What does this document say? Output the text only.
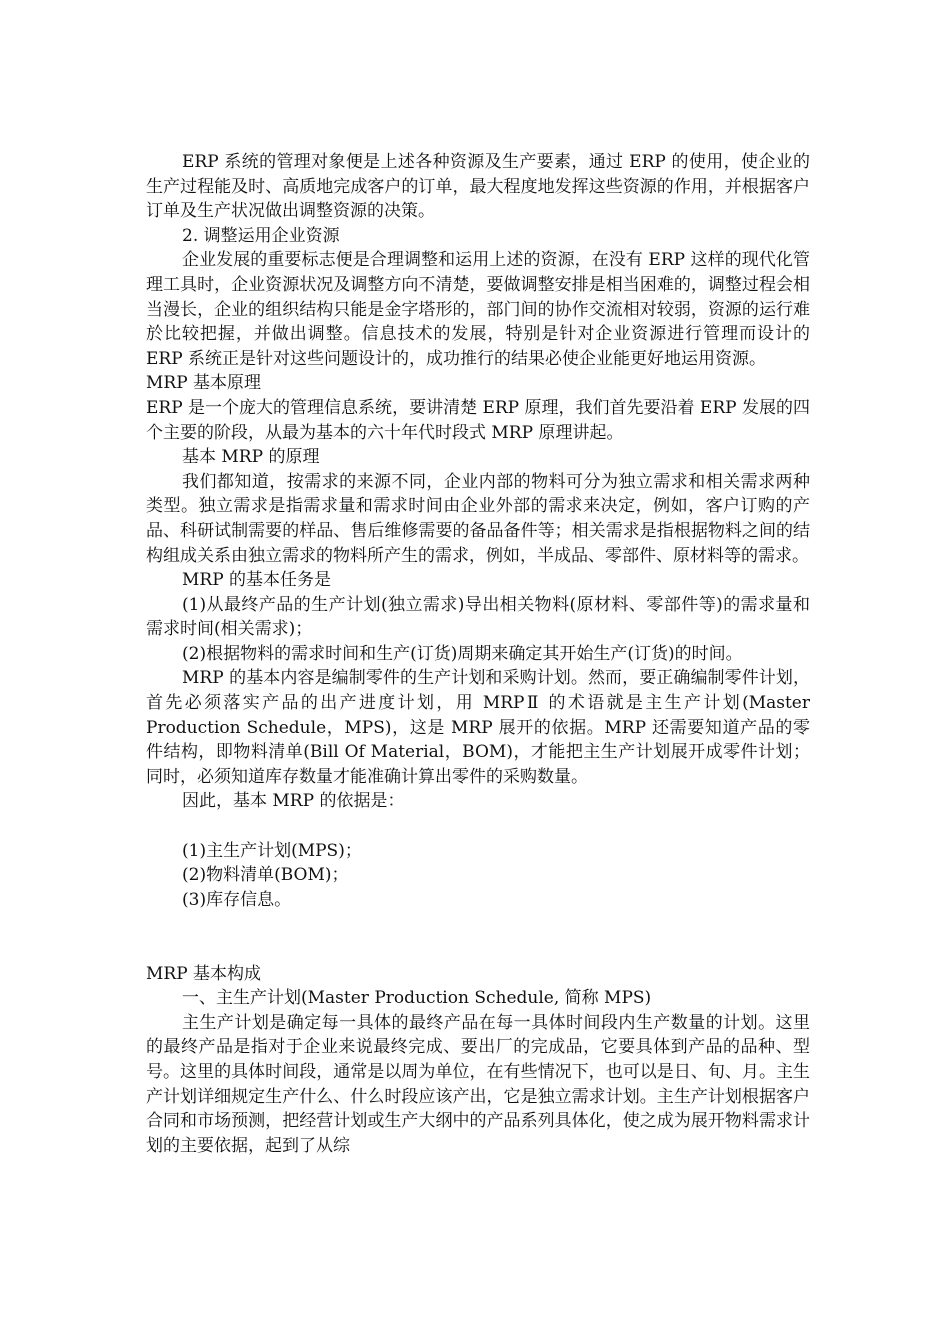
ERP 系统的管理对象便是上述各种资源及生产要素，通过 ERP 的使用，使企业的生产过程能及时、高质地完成客户的订单，最大程度地发挥这些资源的作用，并根据客户订单及生产状况做出调整资源的决策。

2. 调整运用企业资源

企业发展的重要标志便是合理调整和运用上述的资源，在没有 ERP 这样的现代化管理工具时，企业资源状况及调整方向不清楚，要做调整安排是相当困难的，调整过程会相当漫长，企业的组织结构只能是金字塔形的，部门间的协作交流相对较弱，资源的运行难於比较把握，并做出调整。信息技术的发展，特别是针对企业资源进行管理而设计的 ERP 系统正是针对这些问题设计的，成功推行的结果必使企业能更好地运用资源。

MRP 基本原理

ERP 是一个庞大的管理信息系统，要讲清楚 ERP 原理，我们首先要沿着 ERP 发展的四个主要的阶段，从最为基本的六十年代时段式 MRP 原理讲起。

基本 MRP 的原理

我们都知道，按需求的来源不同，企业内部的物料可分为独立需求和相关需求两种类型。独立需求是指需求量和需求时间由企业外部的需求来决定，例如，客户订购的产品、科研试制需要的样品、售后维修需要的备品备件等；相关需求是指根据物料之间的结构组成关系由独立需求的物料所产生的需求，例如，半成品、零部件、原材料等的需求。

MRP 的基本任务是

(1)从最终产品的生产计划(独立需求)导出相关物料(原材料、零部件等)的需求量和需求时间(相关需求)；

(2)根据物料的需求时间和生产(订货)周期来确定其开始生产(订货)的时间。

MRP 的基本内容是编制零件的生产计划和采购计划。然而，要正确编制零件计划，首先必须落实产品的出产进度计划，用 MRPⅡ 的术语就是主生产计划(Master Production Schedule，MPS)，这是 MRP 展开的依据。MRP 还需要知道产品的零件结构，即物料清单(Bill Of Material，BOM)，才能把主生产计划展开成零件计划；同时，必须知道库存数量才能准确计算出零件的采购数量。

因此，基本 MRP 的依据是：

(1)主生产计划(MPS)；

(2)物料清单(BOM)；

(3)库存信息。

MRP 基本构成

一、主生产计划(Master Production Schedule, 简称 MPS)

主生产计划是确定每一具体的最终产品在每一具体时间段内生产数量的计划。这里的最终产品是指对于企业来说最终完成、要出厂的完成品，它要具体到产品的品种、型号。这里的具体时间段，通常是以周为单位，在有些情况下，也可以是日、旬、月。主生产计划详细规定生产什么、什么时段应该产出，它是独立需求计划。主生产计划根据客户合同和市场预测，把经营计划或生产大纲中的产品系列具体化，使之成为展开物料需求计划的主要依据，起到了从综
